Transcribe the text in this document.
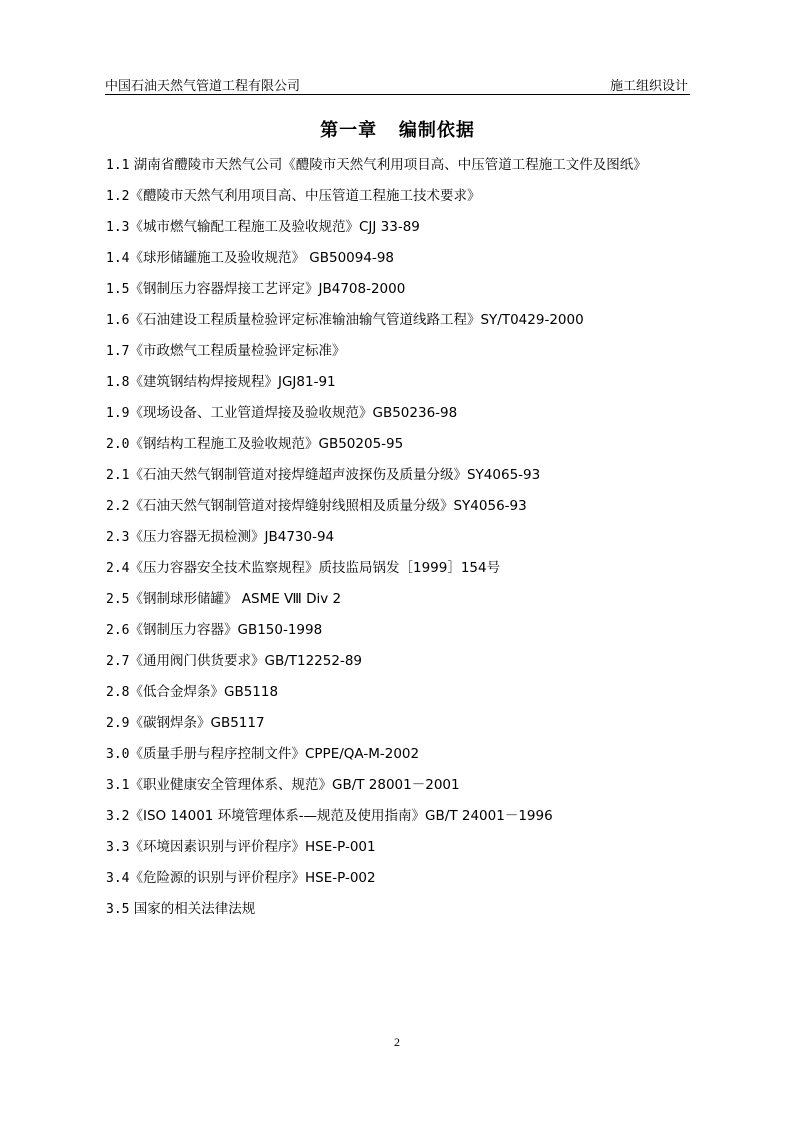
中国石油天然气管道工程有限公司	施工组织设计
第一章   编制依据
1.1 湖南省醴陵市天然气公司《醴陵市天然气利用项目高、中压管道工程施工文件及图纸》
1.2《醴陵市天然气利用项目高、中压管道工程施工技术要求》
1.3《城市燃气输配工程施工及验收规范》CJJ 33-89
1.4《球形储罐施工及验收规范》 GB50094-98
1.5《钢制压力容器焊接工艺评定》JB4708-2000
1.6《石油建设工程质量检验评定标准输油输气管道线路工程》SY/T0429-2000
1.7《市政燃气工程质量检验评定标准》
1.8《建筑钢结构焊接规程》JGJ81-91
1.9《现场设备、工业管道焊接及验收规范》GB50236-98
2.0《钢结构工程施工及验收规范》GB50205-95
2.1《石油天然气钢制管道对接焊缝超声波探伤及质量分级》SY4065-93
2.2《石油天然气钢制管道对接焊缝射线照相及质量分级》SY4056-93
2.3《压力容器无损检测》JB4730-94
2.4《压力容器安全技术监察规程》质技监局锅发［1999］154号
2.5《钢制球形储罐》 ASME Ⅷ Div 2
2.6《钢制压力容器》GB150-1998
2.7《通用阀门供货要求》GB/T12252-89
2.8《低合金焊条》GB5118
2.9《碳钢焊条》GB5117
3.0《质量手册与程序控制文件》CPPE/QA-M-2002
3.1《职业健康安全管理体系、规范》GB/T 28001－2001
3.2《ISO 14001 环境管理体系-—规范及使用指南》GB/T 24001－1996
3.3《环境因素识别与评价程序》HSE-P-001
3.4《危险源的识别与评价程序》HSE-P-002
3.5 国家的相关法律法规
2
